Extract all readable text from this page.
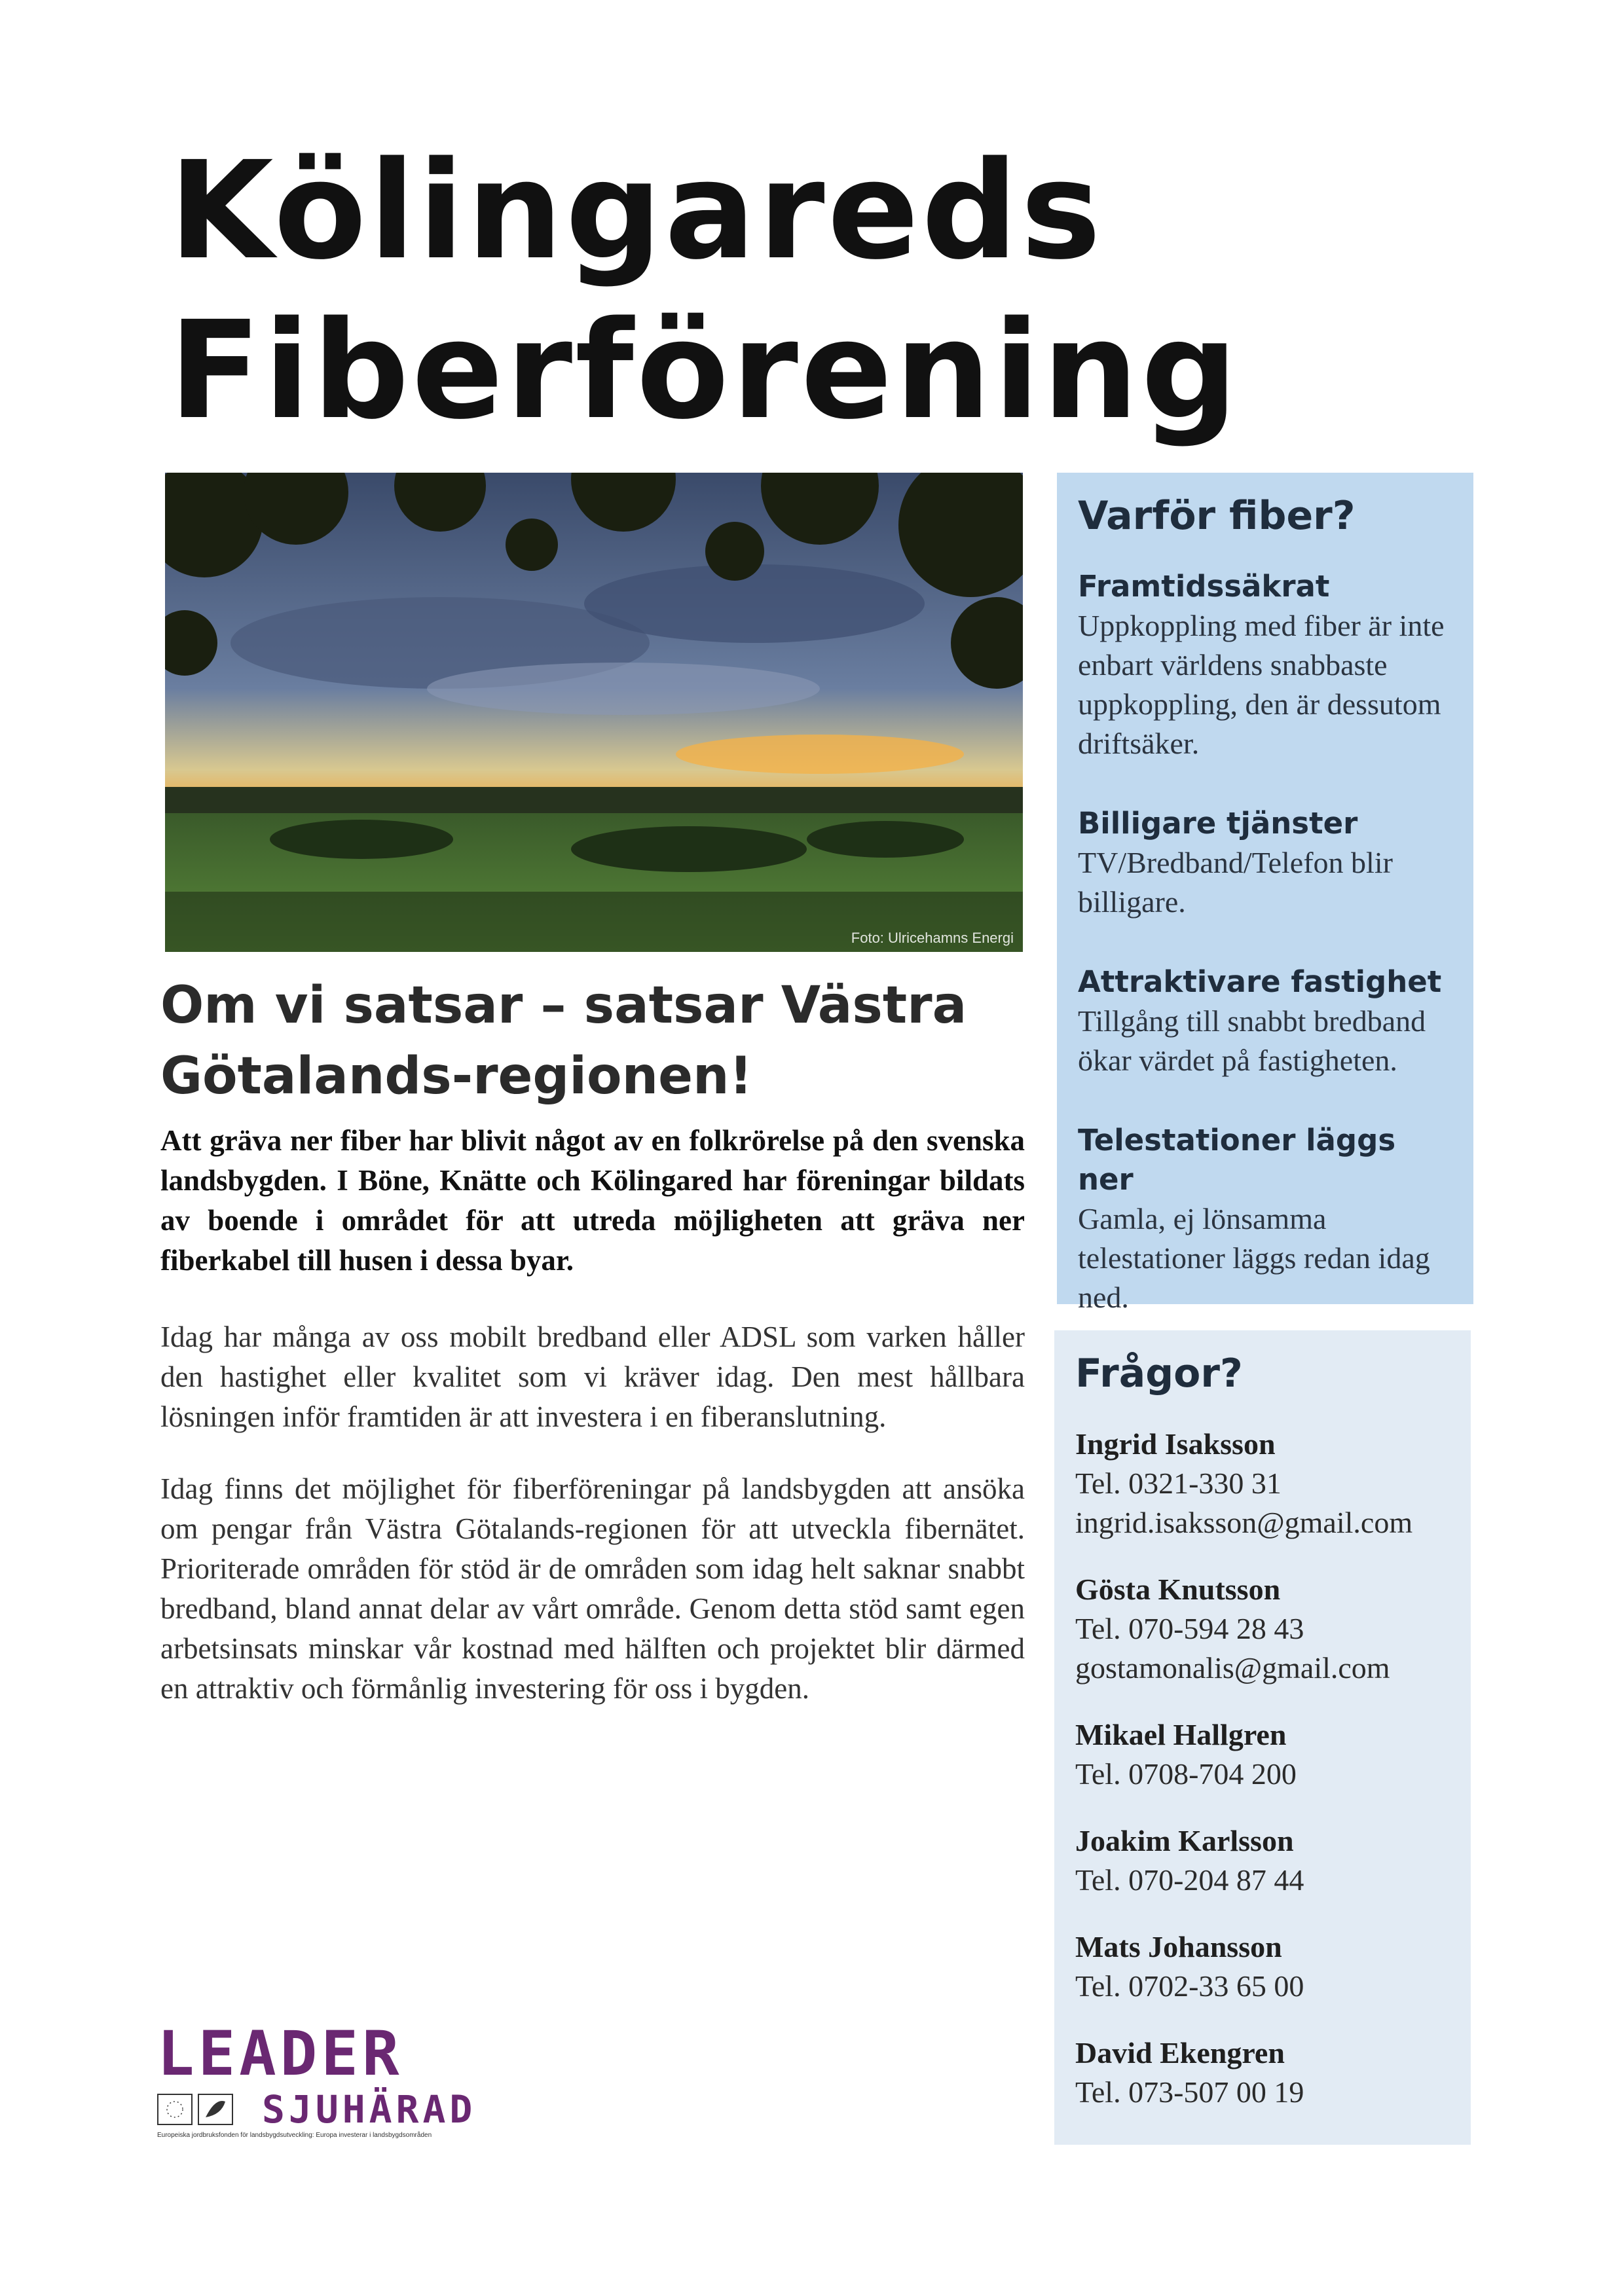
Kölingareds
Fiberförening
Foto: Ulricehamns Energi
Om vi satsar – satsar Västra
Götalands-regionen!
Att gräva ner fiber har blivit något av en folkrörelse på den svenska landsbygden. I Böne, Knätte och Kölingared har föreningar bildats av boende i området för att utreda möjligheten att gräva ner fiberkabel till husen i dessa byar.
Idag har många av oss mobilt bredband eller ADSL som varken håller den hastighet eller kvalitet som vi kräver idag. Den mest hållbara lösningen inför framtiden är att investera i en fiberanslutning.
Idag finns det möjlighet för fiberföreningar på landsbygden att ansöka om pengar från Västra Götalands-regionen för att utveckla fibernätet. Prioriterade områden för stöd är de områden som idag helt saknar snabbt bredband, bland annat delar av vårt område. Genom detta stöd samt egen arbetsinsats minskar vår kostnad med hälften och projektet blir därmed en attraktiv och förmånlig investering för oss i bygden.
Varför fiber?
Framtidssäkrat
Uppkoppling med fiber är inte enbart världens snabbaste uppkoppling, den är dessutom driftsäker.
Billigare tjänster
TV/Bredband/Telefon blir billigare.
Attraktivare fastighet
Tillgång till snabbt bredband ökar värdet på fastigheten.
Telestationer läggs ner
Gamla, ej lönsamma telestationer läggs redan idag ned.
Frågor?
Ingrid Isaksson
Tel. 0321-330 31
ingrid.isaksson@gmail.com
Gösta Knutsson
Tel. 070-594 28 43
gostamonalis@gmail.com
Mikael Hallgren
Tel. 0708-704 200
Joakim Karlsson
Tel. 070-204 87 44
Mats Johansson
Tel. 0702-33 65 00
David Ekengren
Tel. 073-507 00 19
LEADER
SJUHÄRAD
Europeiska jordbruksfonden för landsbygdsutveckling: Europa investerar i landsbygdsområden
